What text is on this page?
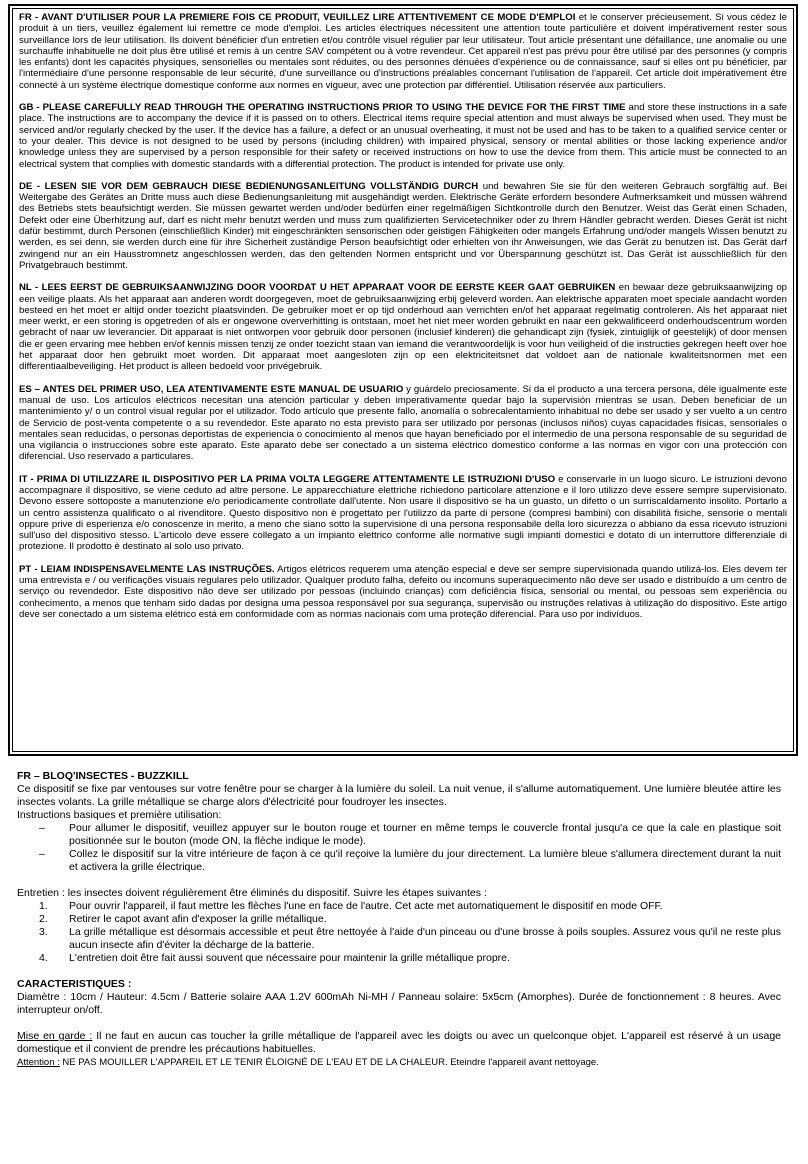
FR - AVANT D'UTILISER POUR LA PREMIERE FOIS CE PRODUIT, VEUILLEZ LIRE ATTENTIVEMENT CE MODE D'EMPLOI et le conserver précieusement. Si vous cédez le produit à un tiers, veuillez également lui remettre ce mode d'emploi. Les articles électriques nécessitent une attention toute particulière et doivent impérativement rester sous surveillance lors de leur utilisation. Ils doivent bénéficier d'un entretien et/ou contrôle visuel régulier par leur utilisateur. Tout article présentant une défaillance, une anomalie ou une surchauffe inhabituelle ne doit plus être utilisé et remis à un centre SAV compétent ou à votre revendeur. Cet appareil n'est pas prévu pour être utilisé par des personnes (y compris les enfants) dont les capacités physiques, sensorielles ou mentales sont réduites, ou des personnes dénuées d'expérience ou de connaissance, sauf si elles ont pu bénéficier, par l'intermédiaire d'une personne responsable de leur sécurité, d'une surveillance ou d'instructions préalables concernant l'utilisation de l'appareil. Cet article doit impérativement être connecté à un système électrique domestique conforme aux normes en vigueur, avec une protection par différentiel. Utilisation réservée aux particuliers.

GB - PLEASE CAREFULLY READ THROUGH THE OPERATING INSTRUCTIONS PRIOR TO USING THE DEVICE FOR THE FIRST TIME and store these instructions in a safe place. The instructions are to accompany the device if it is passed on to others. Electrical items require special attention and must always be supervised when used. They must be serviced and/or regularly checked by the user. If the device has a failure, a defect or an unusual overheating, it must not be used and has to be taken to a qualified service center or to your dealer. This device is not designed to be used by persons (including children) with impaired physical, sensory or mental abilities or those lacking experience and/or knowledge unless they are supervised by a person responsible for their safety or received instructions on how to use the device from them. This article must be connected to an electrical system that complies with domestic standards with a differential protection. The product is intended for private use only.

DE - LESEN SIE VOR DEM GEBRAUCH DIESE BEDIENUNGSANLEITUNG VOLLSTÄNDIG DURCH und bewahren Sie sie für den weiteren Gebrauch sorgfältig auf. Bei Weitergabe des Gerätes an Dritte muss auch diese Bedienungsanleitung mit ausgehändigt werden. Elektrische Geräte erfordern besondere Aufmerksamkeit und müssen während des Betriebs stets beaufsichtigt werden. Sie müssen gewartet werden und/oder bedürfen einer regelmäßigen Sichtkontrolle durch den Benutzer. Weist das Gerät einen Schaden, Defekt oder eine Überhitzung auf, darf es nicht mehr benutzt werden und muss zum qualifizierten Servicetechniker oder zu Ihrem Händler gebracht werden. Dieses Gerät ist nicht dafür bestimmt, durch Personen (einschließlich Kinder) mit eingeschränkten sensorischen oder geistigen Fähigkeiten oder mangels Erfahrung und/oder mangels Wissen benutzt zu werden, es sei denn, sie werden durch eine für ihre Sicherheit zuständige Person beaufsichtigt oder erhielten von ihr Anweisungen, wie das Gerät zu benutzen ist. Das Gerät darf zwingend nur an ein Hausstromnetz angeschlossen werden, das den geltenden Normen entspricht und vor Überspannung geschützt ist. Das Gerät ist ausschließlich für den Privatgebrauch bestimmt.

NL - LEES EERST DE GEBRUIKSAANWIJZING DOOR VOORDAT U HET APPARAAT VOOR DE EERSTE KEER GAAT GEBRUIKEN en bewaar deze gebruiksaanwijzing op een veilige plaats. Als het apparaat aan anderen wordt doorgegeven, moet de gebruiksaanwijzing erbij geleverd worden. Aan elektrische apparaten moet speciale aandacht worden besteed en het moet er altijd onder toezicht plaatsvinden. De gebruiker moet er op tijd onderhoud aan verrichten en/of het apparaat regelmatig controleren. Als het apparaat niet meer werkt, er een storing is opgetreden of als er ongewone oververhitting is ontstaan, moet het niet meer worden gebruikt en naar een gekwalificeerd onderhoudscentrum worden gebracht of naar uw leverancier. Dit apparaat is niet ontworpen voor gebruik door personen (inclusief kinderen) die gehandicapt zijn (fysiek, zintuiglijk of geestelijk) of door mensen die er geen ervaring mee hebben en/of kennis missen tenzij ze onder toezicht staan van iemand die verantwoordelijk is voor hun veiligheid of die instructies gekregen heeft over hoe het apparaat door hen gebruikt moet worden. Dit apparaat moet aangesloten zijn op een elektriciteitsnet dat voldoet aan de nationale kwaliteitsnormen met een differentiaalbeveiliging. Het product is alleen bedoeld voor privégebruik.

ES – ANTES DEL PRIMER USO, LEA ATENTIVAMENTE ESTE MANUAL DE USUARIO y guárdelo preciosamente. Si da el producto a una tercera persona, déle igualmente este manual de uso. Los artículos eléctricos necesitan una atención particular y deben imperativamente quedar bajo la supervisión mientras se usan. Deben beneficiar de un mantenimiento y/ o un control visual regular por el utilizador. Todo artículo que presente fallo, anomalía o sobrecalentamiento inhabitual no debe ser usado y ser vuelto a un centro de Servicio de post-venta competente o a su revendedor. Este aparato no esta previsto para ser utilizado por personas (inclusos niños) cuyas capacidades físicas, sensoriales o mentales sean reducidas, o personas deportistas de experiencia o conocimiento al menos que hayan beneficiado por el intermedio de una persona responsable de su seguridad de una vigilancia o instrucciones sobre este aparato. Este aparato debe ser conectado a un sistema eléctrico domestico conforme a las normas en vigor con una protección con diferencial. Uso reservado a particulares.

IT - PRIMA DI UTILIZZARE IL DISPOSITIVO PER LA PRIMA VOLTA LEGGERE ATTENTAMENTE LE ISTRUZIONI D'USO e conservarle in un luogo sicuro. Le istruzioni devono accompagnare il dispositivo, se viene ceduto ad altre persone. Le apparecchiature elettriche richiedono particolare attenzione e il loro utilizzo deve essere sempre supervisionato. Devono essere sottoposte a manutenzione e/o periodicamente controllate dall'utente. Non usare il dispositivo se ha un guasto, un difetto o un surriscaldamento insolito. Portarlo a un centro assistenza qualificato o al rivenditore. Questo dispositivo non è progettato per l'utilizzo da parte di persone (compresi bambini) con disabilità fisiche, sensorie o mentali oppure prive di esperienza e/o conoscenze in merito, a meno che siano sotto la supervisione di una persona responsabile della loro sicurezza o abbiano da essa ricevuto istruzioni sull'uso del dispositivo stesso. L'articolo deve essere collegato a un impianto elettrico conforme alle normative sugli impianti domestici e dotato di un interruttore differenziale di protezione. Il prodotto è destinato al solo uso privato.

PT - LEIAM INDISPENSAVELMENTE LAS INSTRUÇÕES. Artigos elétricos requerem uma atenção especial e deve ser sempre supervisionada quando utilizá-los. Eles devem ter uma entrevista e / ou verificações visuais regulares pelo utilizador. Qualquer produto falha, defeito ou incomuns superaquecimento não deve ser usado e distribuído a um centro de serviço ou revendedor. Este dispositivo não deve ser utilizado por pessoas (incluindo crianças) com deficiência física, sensorial ou mental, ou pessoas sem experiência ou conhecimento, a menos que tenham sido dadas por designa uma pessoa responsável por sua segurança, supervisão ou instruções relativas à utilização do dispositivo. Este artigo deve ser conectado a um sistema elétrico está em conformidade com as normas nacionais com uma proteção diferencial. Para uso por indivíduos.

FR – BLOQ'INSECTES - BUZZKILL

Ce dispositif se fixe par ventouses sur votre fenêtre pour se charger à la lumière du soleil. La nuit venue, il s'allume automatiquement. Une lumière bleutée attire les insectes volants. La grille métallique se charge alors d'électricité pour foudroyer les insectes.

Instructions basiques et première utilisation:

– Pour allumer le dispositif, veuillez appuyer sur le bouton rouge et tourner en même temps le couvercle frontal jusqu'a ce que la cale en plastique soit positionnée sur le bouton (mode ON, la flèche indique le mode).
– Collez le dispositif sur la vitre intérieure de façon à ce qu'il reçoive la lumière du jour directement. La lumière bleue s'allumera directement durant la nuit et activera la grille électrique.

Entretien : les insectes doivent régulièrement être éliminés du dispositif. Suivre les étapes suivantes :

1. Pour ouvrir l'appareil, il faut mettre les flèches l'une en face de l'autre. Cet acte met automatiquement le dispositif en mode OFF.
2. Retirer le capot avant afin d'exposer la grille métallique.
3. La grille métallique est désormais accessible et peut être nettoyée à l'aide d'un pinceau ou d'une brosse à poils souples. Assurez vous qu'il ne reste plus aucun insecte afin d'éviter la décharge de la batterie.
4. L'entretien doit être fait aussi souvent que nécessaire pour maintenir la grille métallique propre.
CARACTERISTIQUES :

Diamètre : 10cm / Hauteur: 4.5cm / Batterie solaire AAA 1.2V 600mAh Ni-MH / Panneau solaire: 5x5cm (Amorphes). Durée de fonctionnement : 8 heures. Avec interrupteur on/off.

Mise en garde : Il ne faut en aucun cas toucher la grille métallique de l'appareil avec les doigts ou avec un quelconque objet. L'appareil est réservé à un usage domestique et il convient de prendre les précautions habituelles.

Attention : NE PAS MOUILLER L'APPAREIL ET LE TENIR ÉLOIGNÉ DE L'EAU ET DE LA CHALEUR. Eteindre l'appareil avant nettoyage.
